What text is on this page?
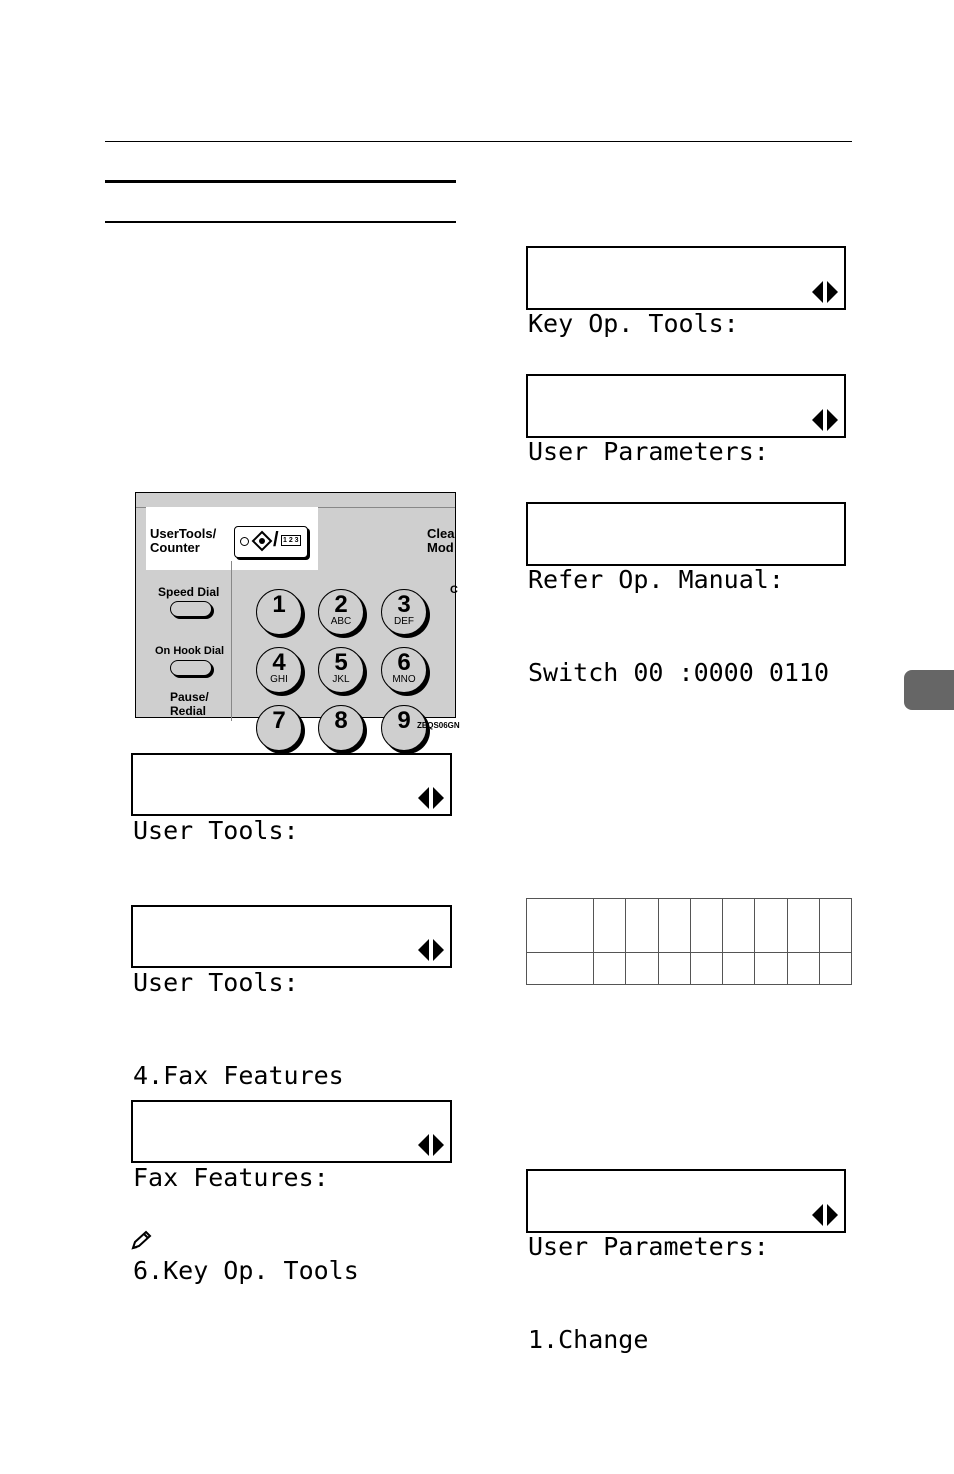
Key Op. Tools:

User Parameters:

Refer Op. Manual:

Switch 00 :0000 0110

User Parameters:

1.Change

UserTools/
Counter	/ 1 2 3	Clea
Mod
C
Speed Dial
On Hook Dial
Pause/
Redial
1	2
ABC
3
DEF
4
GHI
5
JKL
6
MNO
7	8	9 ZEQS06GN

User Tools:

User Tools:

4.Fax Features

Fax Features:

6.Key Op. Tools
